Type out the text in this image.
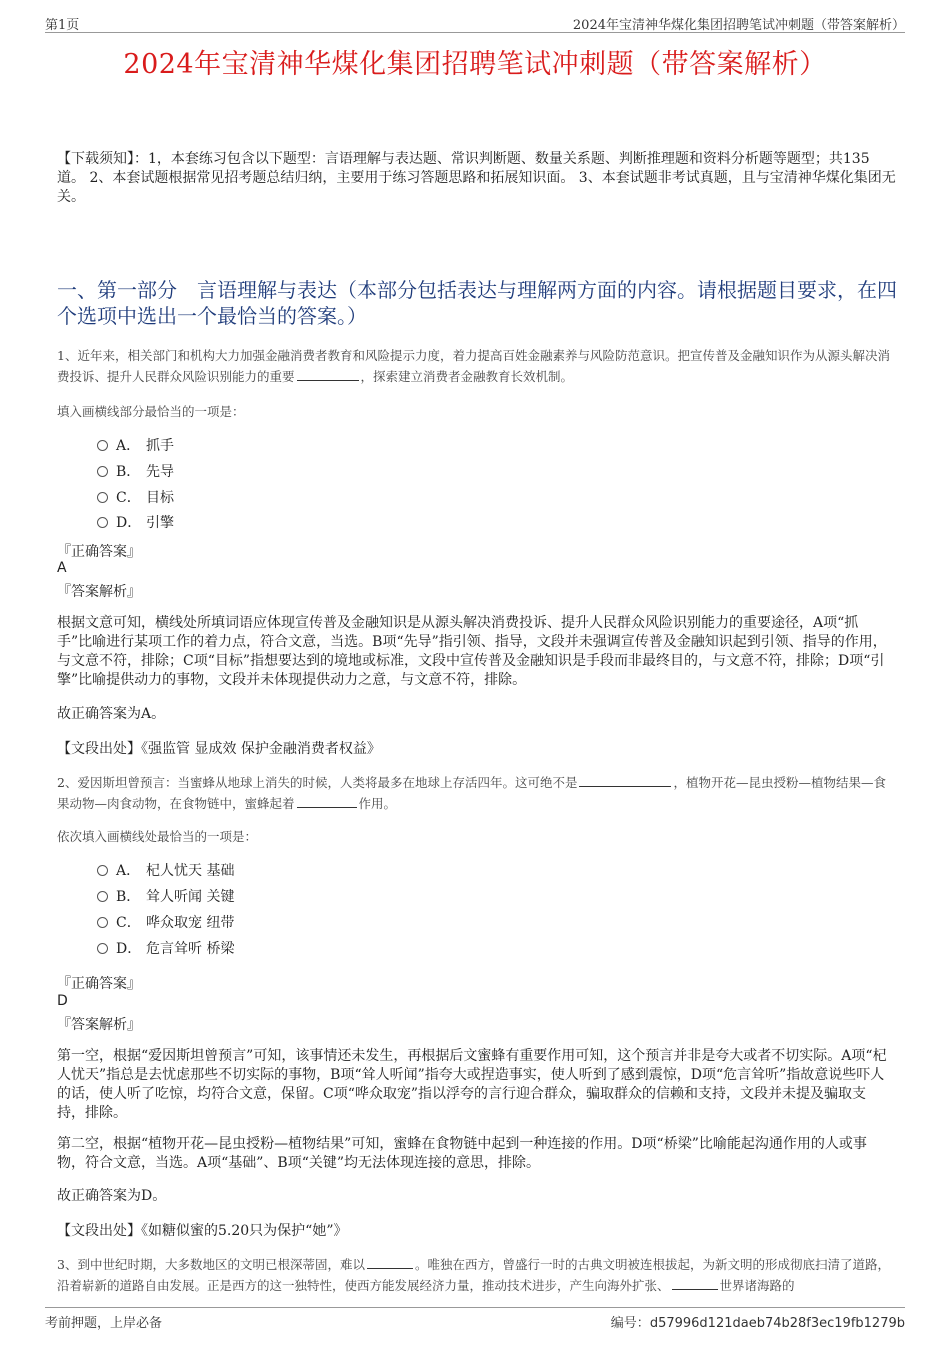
第1页	2024年宝清神华煤化集团招聘笔试冲刺题（带答案解析）
2024年宝清神华煤化集团招聘笔试冲刺题（带答案解析）
【下载须知】：1，本套练习包含以下题型：言语理解与表达题、常识判断题、数量关系题、判断推理题和资料分析题等题型；共135道。 2、本套试题根据常见招考题总结归纳，主要用于练习答题思路和拓展知识面。 3、本套试题非考试真题，且与宝清神华煤化集团无关。
一、第一部分　言语理解与表达（本部分包括表达与理解两方面的内容。请根据题目要求，在四个选项中选出一个最恰当的答案。）
1、近年来，相关部门和机构大力加强金融消费者教育和风险提示力度，着力提高百姓金融素养与风险防范意识。把宣传普及金融知识作为从源头解决消费投诉、提升人民群众风险识别能力的重要	，探索建立消费者金融教育长效机制。
填入画横线部分最恰当的一项是：
A． 抓手
B． 先导
C． 目标
D． 引擎
『正确答案』
A
『答案解析』
根据文意可知，横线处所填词语应体现宣传普及金融知识是从源头解决消费投诉、提升人民群众风险识别能力的重要途径，A项“抓手”比喻进行某项工作的着力点，符合文意，当选。B项“先导”指引领、指导，文段并未强调宣传普及金融知识起到引领、指导的作用，与文意不符，排除；C项“目标”指想要达到的境地或标准，文段中宣传普及金融知识是手段而非最终目的，与文意不符，排除；D项“引擎”比喻提供动力的事物，文段并未体现提供动力之意，与文意不符，排除。
故正确答案为A。
【文段出处】《强监管 显成效 保护金融消费者权益》
2、爱因斯坦曾预言：当蜜蜂从地球上消失的时候，人类将最多在地球上存活四年。这可绝不是	，植物开花—昆虫授粉—植物结果—食果动物—肉食动物，在食物链中，蜜蜂起着	作用。
依次填入画横线处最恰当的一项是：
A． 杞人忧天 基础
B． 耸人听闻 关键
C． 哗众取宠 纽带
D． 危言耸听 桥梁
『正确答案』
D
『答案解析』
第一空，根据“爱因斯坦曾预言”可知，该事情还未发生，再根据后文蜜蜂有重要作用可知，这个预言并非是夸大或者不切实际。A项“杞人忧天”指总是去忧虑那些不切实际的事物，B项“耸人听闻”指夸大或捏造事实，使人听到了感到震惊，D项“危言耸听”指故意说些吓人的话，使人听了吃惊，均符合文意，保留。C项“哗众取宠”指以浮夸的言行迎合群众，骗取群众的信赖和支持，文段并未提及骗取支持，排除。
第二空，根据“植物开花—昆虫授粉—植物结果”可知，蜜蜂在食物链中起到一种连接的作用。D项“桥梁”比喻能起沟通作用的人或事物，符合文意，当选。A项“基础”、B项“关键”均无法体现连接的意思，排除。
故正确答案为D。
【文段出处】《如糖似蜜的5.20只为保护“她”》
3、到中世纪时期，大多数地区的文明已根深蒂固，难以	。唯独在西方，曾盛行一时的古典文明被连根拔起，为新文明的形成彻底扫清了道路，沿着崭新的道路自由发展。正是西方的这一独特性，使西方能发展经济力量，推动技术进步，产生向海外扩张、	世界诸海路的
考前押题，上岸必备	编号：d57996d121daeb74b28f3ec19fb1279b
